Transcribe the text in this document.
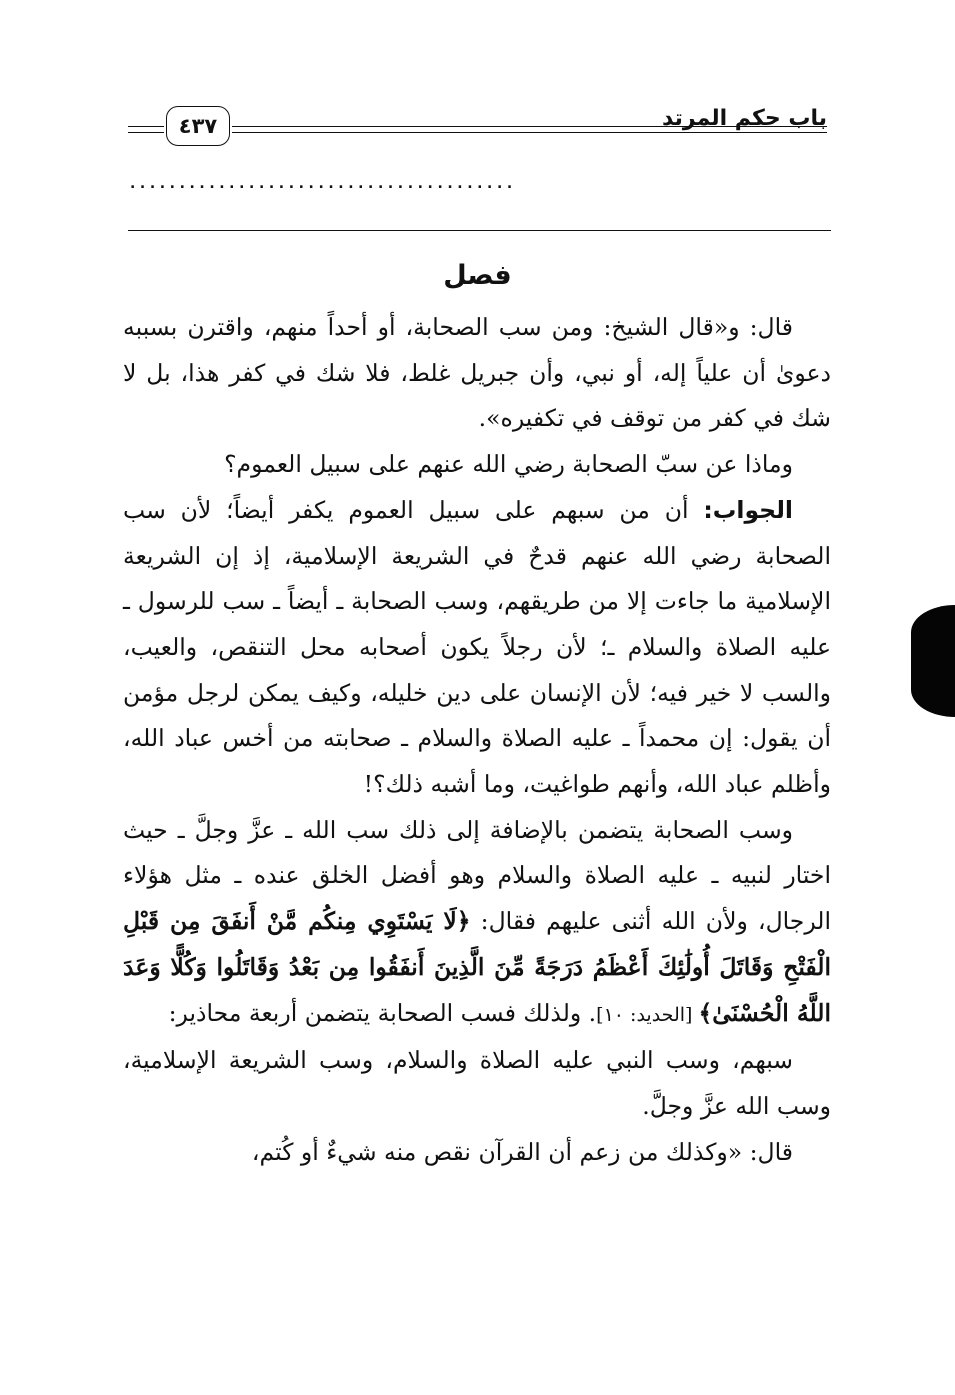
باب حكم المرتد
٤٣٧
.......................................
فصل

قال: و«قال الشيخ: ومن سب الصحابة، أو أحداً منهم، واقترن بسببه دعوىٰ أن علياً إله، أو نبي، وأن جبريل غلط، فلا شك في كفر هذا، بل لا شك في كفر من توقف في تكفيره».

وماذا عن سبّ الصحابة رضي الله عنهم على سبيل العموم؟

الجواب: أن من سبهم على سبيل العموم يكفر أيضاً؛ لأن سب الصحابة رضي الله عنهم قدحٌ في الشريعة الإسلامية، إذ إن الشريعة الإسلامية ما جاءت إلا من طريقهم، وسب الصحابة ـ أيضاً ـ سب للرسول ـ عليه الصلاة والسلام ـ؛ لأن رجلاً يكون أصحابه محل التنقص، والعيب، والسب لا خير فيه؛ لأن الإنسان على دين خليله، وكيف يمكن لرجل مؤمن أن يقول: إن محمداً ـ عليه الصلاة والسلام ـ صحابته من أخس عباد الله، وأظلم عباد الله، وأنهم طواغيت، وما أشبه ذلك؟!

وسب الصحابة يتضمن بالإضافة إلى ذلك سب الله ـ عزَّ وجلَّ ـ حيث اختار لنبيه ـ عليه الصلاة والسلام وهو أفضل الخلق عنده ـ مثل هؤلاء الرجال، ولأن الله أثنى عليهم فقال: ﴿لَا يَسْتَوِي مِنكُم مَّنْ أَنفَقَ مِن قَبْلِ الْفَتْحِ وَقَاتَلَ أُولَٰئِكَ أَعْظَمُ دَرَجَةً مِّنَ الَّذِينَ أَنفَقُوا مِن بَعْدُ وَقَاتَلُوا وَكُلًّا وَعَدَ اللَّهُ الْحُسْنَىٰ﴾ [الحديد: ١٠]. ولذلك فسب الصحابة يتضمن أربعة محاذير:

سبهم، وسب النبي عليه الصلاة والسلام، وسب الشريعة الإسلامية، وسب الله عزَّ وجلَّ.

قال: «وكذلك من زعم أن القرآن نقص منه شيءٌ أو كُتم،
